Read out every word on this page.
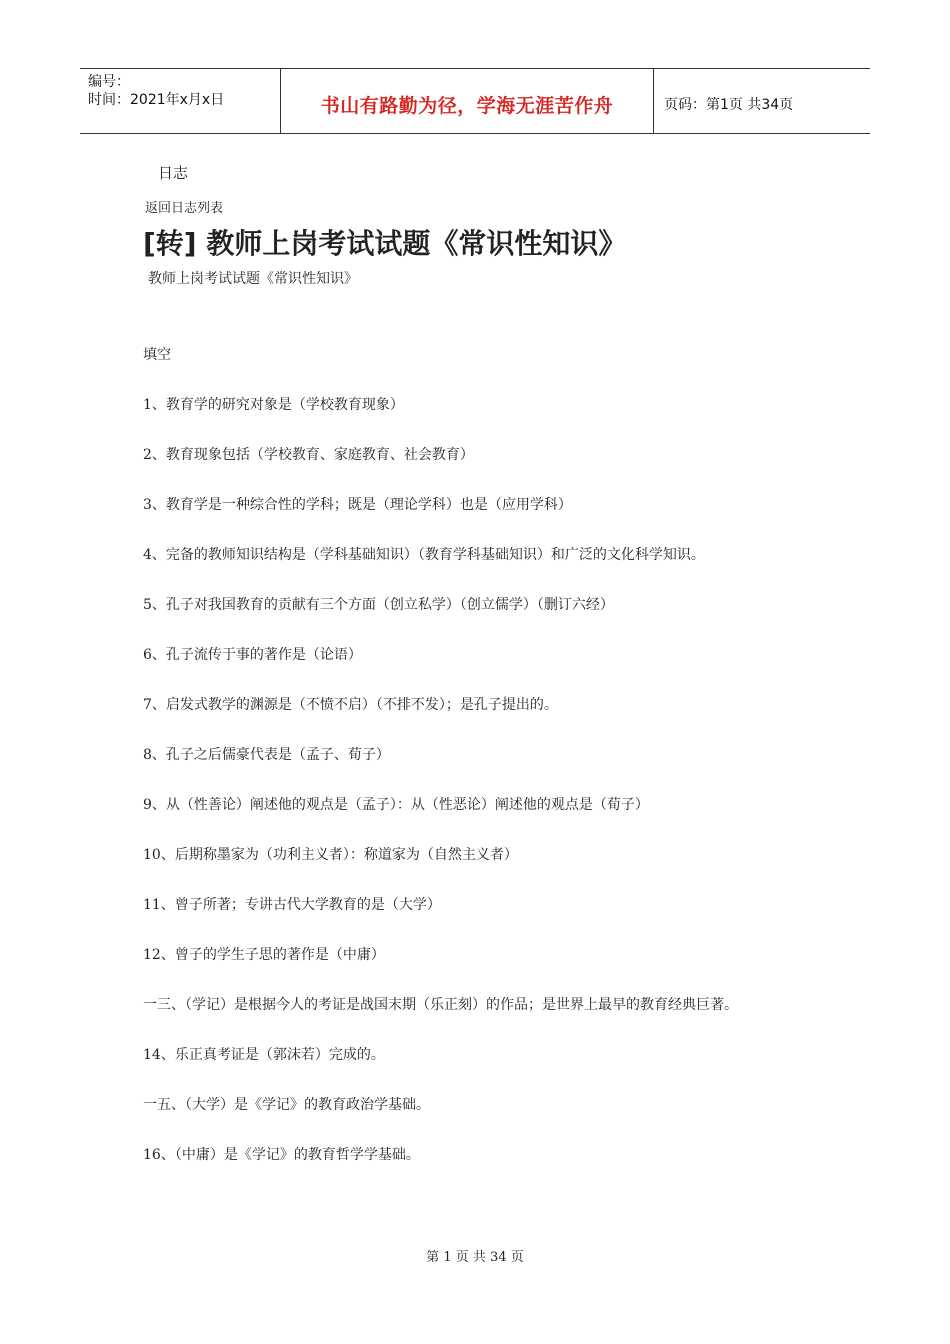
编号：
时间：2021年x月x日	书山有路勤为径，学海无涯苦作舟	页码：第1页 共34页
日志
返回日志列表
[转] 教师上岗考试试题《常识性知识》
教师上岗考试试题《常识性知识》

填空

1、教育学的研究对象是（学校教育现象）

2、教育现象包括（学校教育、家庭教育、社会教育）

3、教育学是一种综合性的学科；既是（理论学科）也是（应用学科）

4、完备的教师知识结构是（学科基础知识）（教育学科基础知识）和广泛的文化科学知识。

5、孔子对我国教育的贡献有三个方面（创立私学）（创立儒学）（删订六经）

6、孔子流传于事的著作是（论语）

7、启发式教学的渊源是（不愤不启）（不排不发）；是孔子提出的。

8、孔子之后儒豪代表是（孟子、荀子）

9、从（性善论）阐述他的观点是（孟子）：从（性恶论）阐述他的观点是（荀子）

10、后期称墨家为（功利主义者）：称道家为（自然主义者）

11、曾子所著；专讲古代大学教育的是（大学）

12、曾子的学生子思的著作是（中庸）

一三、（学记）是根据今人的考证是战国末期（乐正刻）的作品；是世界上最早的教育经典巨著。

14、乐正真考证是（郭沫若）完成的。

一五、（大学）是《学记》的教育政治学基础。

16、（中庸）是《学记》的教育哲学学基础。

第 1 页 共 34 页
